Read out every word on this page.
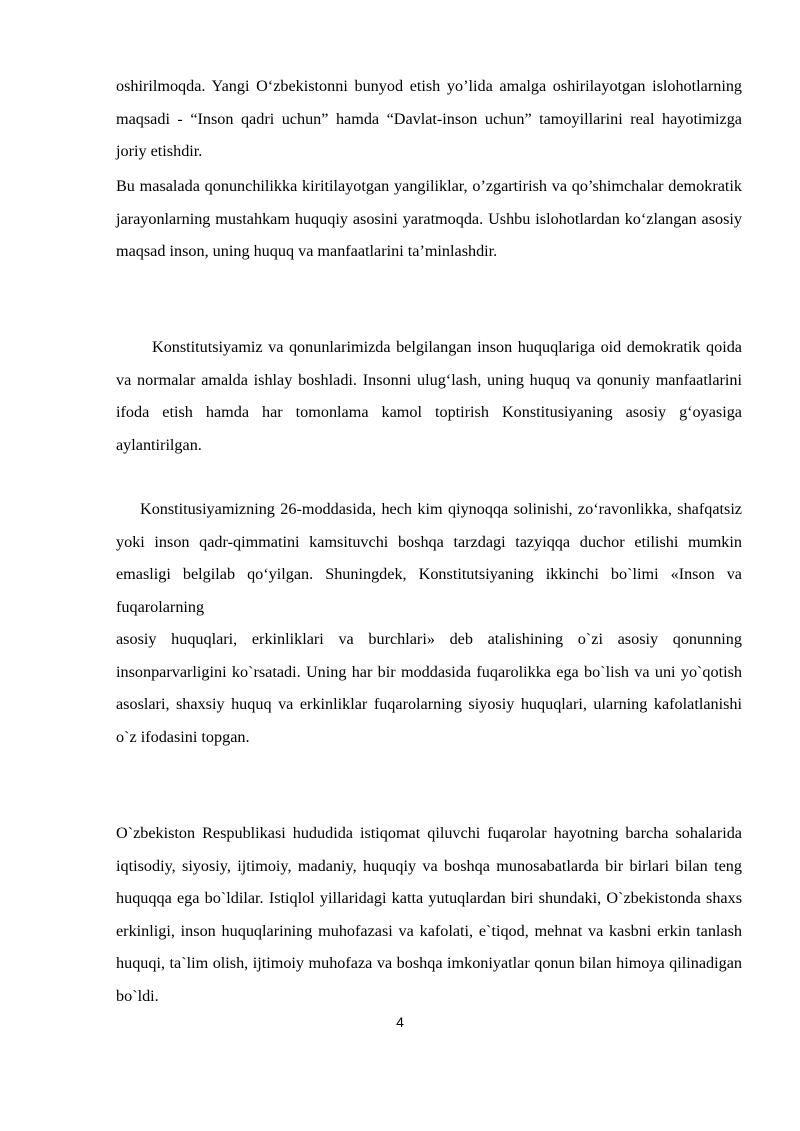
oshirilmoqda. Yangi O‘zbekistonni bunyod etish yo’lida amalga oshirilayotgan islohotlarning maqsadi - “Inson qadri uchun” hamda “Davlat-inson uchun” tamoyillarini real hayotimizga joriy etishdir.

Bu masalada qonunchilikka kiritilayotgan yangiliklar, o’zgartirish va qo’shimchalar demokratik jarayonlarning mustahkam huquqiy asosini yaratmoqda. Ushbu islohotlardan ko‘zlangan asosiy maqsad inson, uning huquq va manfaatlarini ta’minlashdir.

Konstitutsiyamiz va qonunlarimizda belgilangan inson huquqlariga oid demokratik qoida va normalar amalda ishlay boshladi. Insonni ulug‘lash, uning huquq va qonuniy manfaatlarini ifoda etish hamda har tomonlama kamol toptirish Konstitusiyaning asosiy g‘oyasiga aylantirilgan.

Konstitusiyamizning 26-moddasida, hech kim qiynoqqa solinishi, zo‘ravonlikka, shafqatsiz yoki inson qadr-qimmatini kamsituvchi boshqa tarzdagi tazyiqqa duchor etilishi mumkin emasligi belgilab qo‘yilgan. Shuningdek, Konstitutsiyaning ikkinchi bo`limi «Inson va fuqarolarning
asosiy huquqlari, erkinliklari va burchlari» deb atalishining o`zi asosiy qonunning insonparvarligini ko`rsatadi. Uning har bir moddasida fuqarolikka ega bo`lish va uni yo`qotish asoslari, shaxsiy huquq va erkinliklar fuqarolarning siyosiy huquqlari, ularning kafolatlanishi o`z ifodasini topgan.

O`zbekiston Respublikasi hududida istiqomat qiluvchi fuqarolar hayotning barcha sohalarida iqtisodiy, siyosiy, ijtimoiy, madaniy, huquqiy va boshqa munosabatlarda bir birlari bilan teng huquqqa ega bo`ldilar. Istiqlol yillaridagi katta yutuqlardan biri shundaki, O`zbekistonda shaxs erkinligi, inson huquqlarining muhofazasi va kafolati, e`tiqod, mehnat va kasbni erkin tanlash huquqi, ta`lim olish, ijtimoiy muhofaza va boshqa imkoniyatlar qonun bilan himoya qilinadigan bo`ldi.

4
